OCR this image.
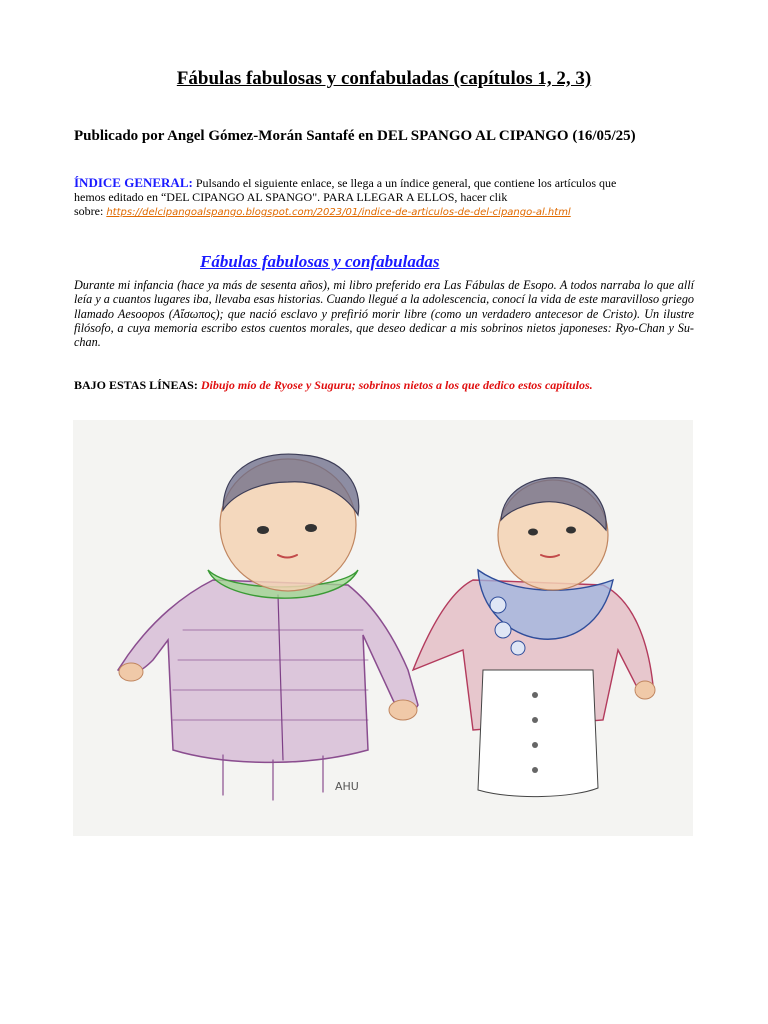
Fábulas fabulosas y confabuladas (capítulos 1, 2, 3)
Publicado por Angel Gómez-Morán Santafé en DEL SPANGO AL CIPANGO (16/05/25)
ÍNDICE GENERAL: Pulsando el siguiente enlace, se llega a un índice general, que contiene los artículos que hemos editado en “DEL CIPANGO AL SPANGO". PARA LLEGAR A ELLOS, hacer clik
sobre: https://delcipangoalspango.blogspot.com/2023/01/indice-de-articulos-de-del-cipango-al.html
Fábulas fabulosas y confabuladas
Durante mi infancia (hace ya más de sesenta años), mi libro preferido era Las Fábulas de Esopo. A todos narraba lo que allí leía y a cuantos lugares iba, llevaba esas historias. Cuando llegué a la adolescencia, conocí la vida de este maravilloso griego llamado Aesoopos (Aἴσωπος); que nació esclavo y prefirió morir libre (como un verdadero antecesor de Cristo). Un ilustre filósofo, a cuya memoria escribo estos cuentos morales, que deseo dedicar a mis sobrinos nietos japoneses: Ryo-Chan y Su-chan.
BAJO ESTAS LÍNEAS: Dibujo mío de Ryose y Suguru; sobrinos nietos a los que dedico estos capítulos.
AHU
